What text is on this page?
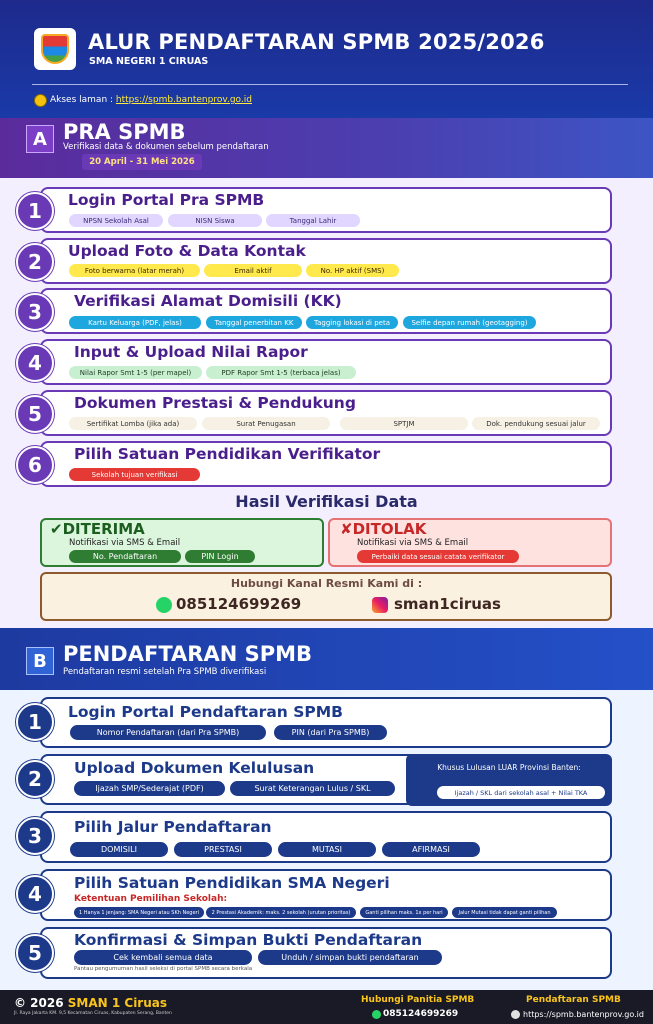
ALUR PENDAFTARAN SPMB 2025/2026
SMA NEGERI 1 CIRUAS
Akses laman : https://spmb.bantenprov.go.id
A PRA SPMB
Verifikasi data & dokumen sebelum pendaftaran
20 April - 31 Mei 2026
1	Login Portal Pra SPMB
NPSN Sekolah Asal	NISN Siswa	Tanggal Lahir
2	Upload Foto & Data Kontak
Foto berwarna (latar merah)	Email aktif	No. HP aktif (SMS)
3	Verifikasi Alamat Domisili (KK)
Kartu Keluarga (PDF, jelas)	Tanggal penerbitan KK	Tagging lokasi di peta	Selfie depan rumah (geotagging)
4	Input & Upload Nilai Rapor
Nilai Rapor Smt 1-5 (per mapel)	PDF Rapor Smt 1-5 (terbaca jelas)
5	Dokumen Prestasi & Pendukung
Sertifikat Lomba (jika ada)	Surat Penugasan	SPTJM	Dok. pendukung sesuai jalur
6	Pilih Satuan Pendidikan Verifikator
Sekolah tujuan verifikasi
Hasil Verifikasi Data
✔DITERIMA
Notifikasi via SMS & Email
No. Pendaftaran	PIN Login
✘DITOLAK
Notifikasi via SMS & Email
Perbaiki data sesuai catata verifikator
Hubungi Kanal Resmi Kami di :
085124699269	sman1ciruas
B PENDAFTARAN SPMB
Pendaftaran resmi setelah Pra SPMB diverifikasi
1	Login Portal Pendaftaran SPMB
Nomor Pendaftaran (dari Pra SPMB)	PIN (dari Pra SPMB)
2	Upload Dokumen Kelulusan
Ijazah SMP/Sederajat (PDF)	Surat Keterangan Lulus / SKL
Khusus Lulusan LUAR Provinsi Banten:
Ijazah / SKL dari sekolah asal + Nilai TKA
3	Pilih Jalur Pendaftaran
DOMISILI	PRESTASI	MUTASI	AFIRMASI
4	Pilih Satuan Pendidikan SMA Negeri
Ketentuan Pemilihan Sekolah:
1 Hanya 1 jenjang: SMA Negeri atau SKh Negeri	2 Prestasi Akademik: maks. 2 sekolah (urutan prioritas)	Ganti pilihan maks. 1x per hari	Jalur Mutasi tidak dapat ganti pilihan
5
Konfirmasi & Simpan Bukti Pendaftaran
Cek kembali semua data	Unduh / simpan bukti pendaftaran
Pantau pengumuman hasil seleksi di portal SPMB secara berkala
© 2026 SMAN 1 Ciruas
Jl. Raya Jakarta KM. 9,5 Kecamatan Ciruas, Kabupaten Serang, Banten
Hubungi Panitia SPMB
085124699269
Pendaftaran SPMB
https://spmb.bantenprov.go.id
